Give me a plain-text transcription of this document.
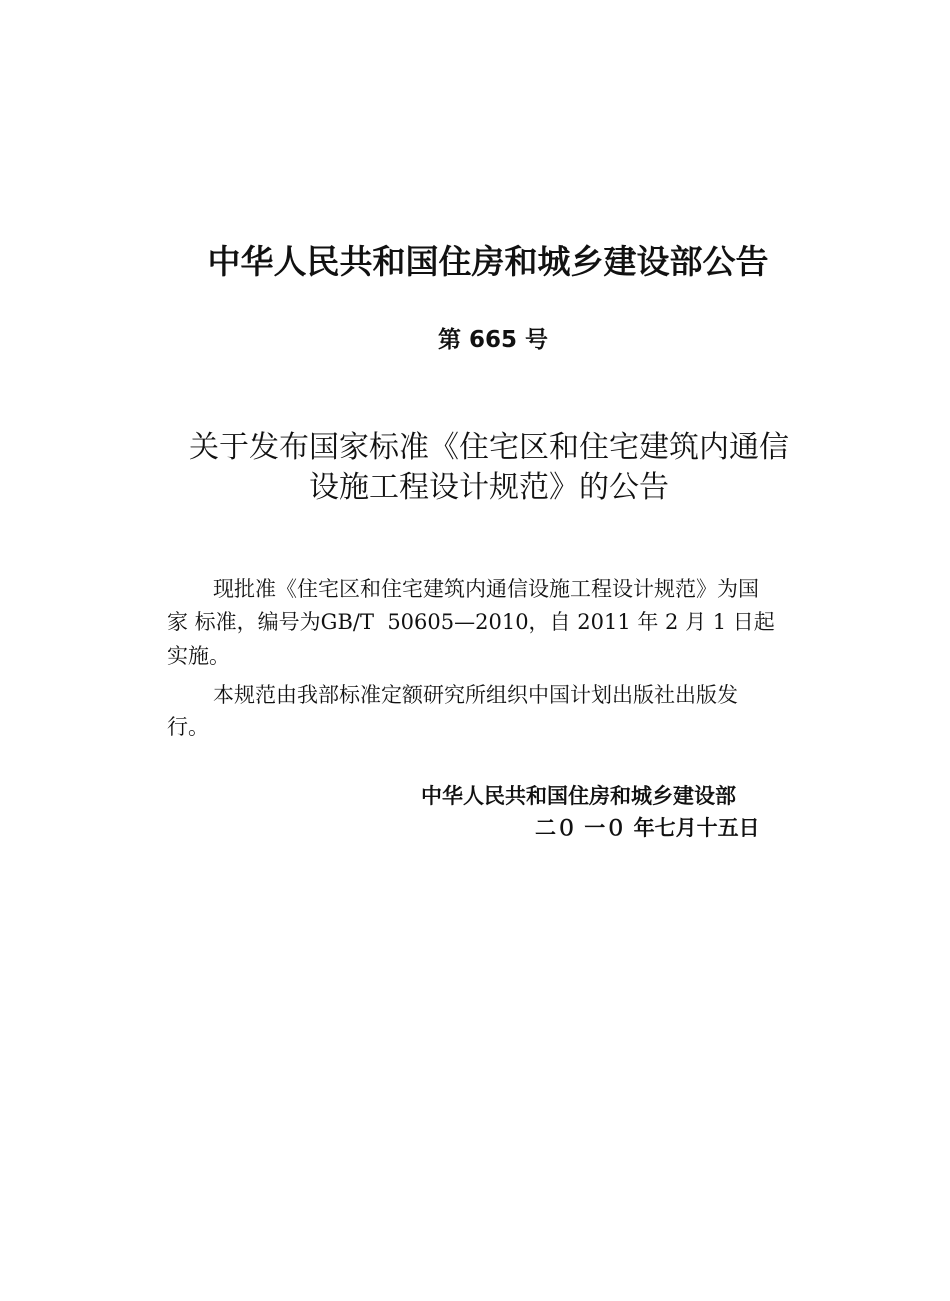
中华人民共和国住房和城乡建设部公告
第 665 号
关于发布国家标准《住宅区和住宅建筑内通信
设施工程设计规范》的公告
现批准《住宅区和住宅建筑内通信设施工程设计规范》为国
家 标准，编号为GB/T  50605—2010，自 2011 年 2 月 1 日起
实施。
本规范由我部标准定额研究所组织中国计划出版社出版发
行。
中华人民共和国住房和城乡建设部
二０ 一０ 年七月十五日
